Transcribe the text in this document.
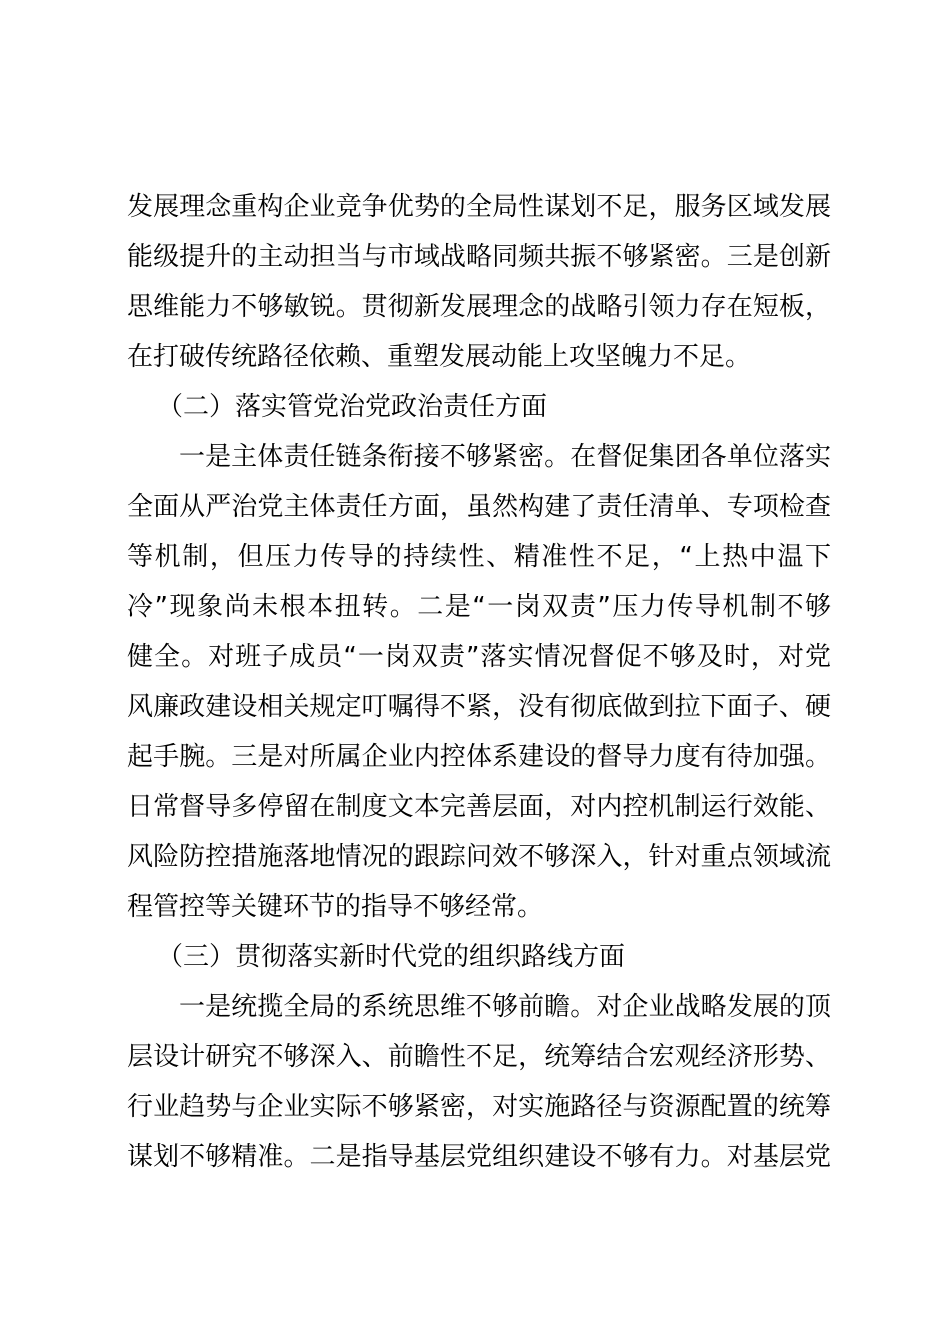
发展理念重构企业竞争优势的全局性谋划不足，服务区域发展
能级提升的主动担当与市域战略同频共振不够紧密。三是创新
思维能力不够敏锐。贯彻新发展理念的战略引领力存在短板，
在打破传统路径依赖、重塑发展动能上攻坚魄力不足。
（二）落实管党治党政治责任方面
一是主体责任链条衔接不够紧密。在督促集团各单位落实
全面从严治党主体责任方面，虽然构建了责任清单、专项检查
等机制，但压力传导的持续性、精准性不足，“上热中温下
冷”现象尚未根本扭转。二是“一岗双责”压力传导机制不够
健全。对班子成员“一岗双责”落实情况督促不够及时，对党
风廉政建设相关规定叮嘱得不紧，没有彻底做到拉下面子、硬
起手腕。三是对所属企业内控体系建设的督导力度有待加强。
日常督导多停留在制度文本完善层面，对内控机制运行效能、
风险防控措施落地情况的跟踪问效不够深入，针对重点领域流
程管控等关键环节的指导不够经常。
（三）贯彻落实新时代党的组织路线方面
一是统揽全局的系统思维不够前瞻。对企业战略发展的顶
层设计研究不够深入、前瞻性不足，统筹结合宏观经济形势、
行业趋势与企业实际不够紧密，对实施路径与资源配置的统筹
谋划不够精准。二是指导基层党组织建设不够有力。对基层党
